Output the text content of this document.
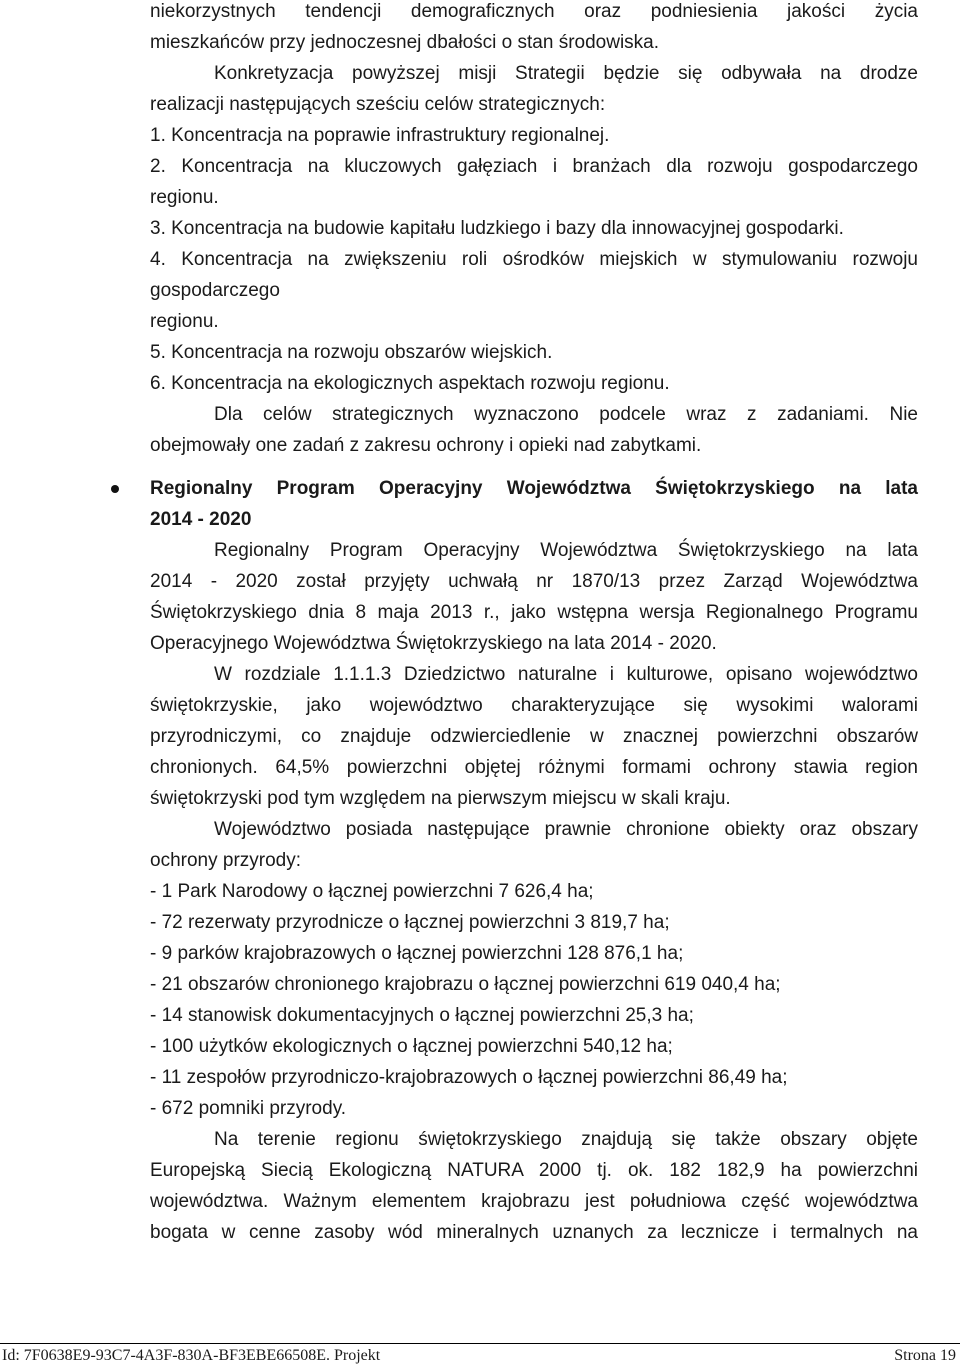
niekorzystnych tendencji demograficznych oraz podniesienia jakości życia
mieszkańców przy jednoczesnej dbałości o stan środowiska.
Konkretyzacja powyższej misji Strategii będzie się odbywała na drodze
realizacji następujących sześciu celów strategicznych:
1. Koncentracja na poprawie infrastruktury regionalnej.
2. Koncentracja na kluczowych gałęziach i branżach dla rozwoju gospodarczego
regionu.
3. Koncentracja na budowie kapitału ludzkiego i bazy dla innowacyjnej gospodarki.
4. Koncentracja na zwiększeniu roli ośrodków miejskich w stymulowaniu rozwoju
gospodarczego
regionu.
5. Koncentracja na rozwoju obszarów wiejskich.
6. Koncentracja na ekologicznych aspektach rozwoju regionu.
Dla celów strategicznych wyznaczono podcele wraz z zadaniami. Nie
obejmowały one zadań z zakresu ochrony i opieki nad zabytkami.
Regionalny Program Operacyjny Województwa Świętokrzyskiego na lata
2014 - 2020
Regionalny Program Operacyjny Województwa Świętokrzyskiego na lata
2014 - 2020 został przyjęty uchwałą nr 1870/13 przez Zarząd Województwa
Świętokrzyskiego dnia 8 maja 2013 r., jako wstępna wersja Regionalnego Programu
Operacyjnego Województwa Świętokrzyskiego na lata 2014 - 2020.
W rozdziale 1.1.1.3 Dziedzictwo naturalne i kulturowe, opisano województwo
świętokrzyskie, jako województwo charakteryzujące się wysokimi walorami
przyrodniczymi, co znajduje odzwierciedlenie w znacznej powierzchni obszarów
chronionych. 64,5% powierzchni objętej różnymi formami ochrony stawia region
świętokrzyski pod tym względem na pierwszym miejscu w skali kraju.
Województwo posiada następujące prawnie chronione obiekty oraz obszary
ochrony przyrody:
- 1 Park Narodowy o łącznej powierzchni 7 626,4 ha;
- 72 rezerwaty przyrodnicze o łącznej powierzchni 3 819,7 ha;
- 9 parków krajobrazowych o łącznej powierzchni 128 876,1 ha;
- 21 obszarów chronionego krajobrazu o łącznej powierzchni 619 040,4 ha;
- 14 stanowisk dokumentacyjnych o łącznej powierzchni 25,3 ha;
- 100 użytków ekologicznych o łącznej powierzchni 540,12 ha;
- 11 zespołów przyrodniczo-krajobrazowych o łącznej powierzchni 86,49 ha;
- 672 pomniki przyrody.
Na terenie regionu świętokrzyskiego znajdują się także obszary objęte
Europejską Siecią Ekologiczną NATURA 2000 tj. ok. 182 182,9 ha powierzchni
województwa. Ważnym elementem krajobrazu jest południowa część województwa
bogata w cenne zasoby wód mineralnych uznanych za lecznicze i termalnych na
Id: 7F0638E9-93C7-4A3F-830A-BF3EBE66508E. Projekt	Strona 19
